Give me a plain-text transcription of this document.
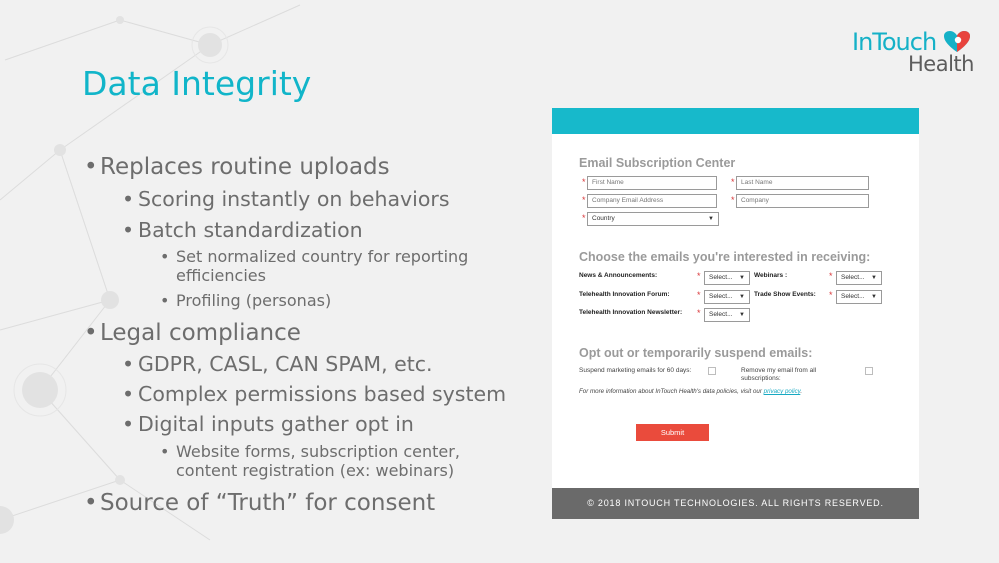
Data Integrity
InTouch
Health
• Replaces routine uploads
• Scoring instantly on behaviors
• Batch standardization
• Set normalized country for reporting
efficiencies
• Profiling (personas)
• Legal compliance
• GDPR, CASL, CAN SPAM, etc.
• Complex permissions based system
• Digital inputs gather opt in
• Website forms, subscription center,
content registration (ex: webinars)
• Source of “Truth” for consent
Email Subscription Center
* First Name	* Last Name
* Company Email Address	* Company
* Country	▼
Choose the emails you're interested in receiving:
News & Announcements:	*	Select... ▼ Webinars :	*	Select... ▼
Telehealth Innovation Forum:	*	Select... ▼ Trade Show Events: *	Select... ▼
Telehealth Innovation Newsletter: *	Select... ▼
Opt out or temporarily suspend emails:
Suspend marketing emails for 60 days:	Remove my email from all
subscriptions:
For more information about InTouch Health's data policies, visit our privacy policy.
Submit
© 2018 INTOUCH TECHNOLOGIES. ALL RIGHTS RESERVED.
